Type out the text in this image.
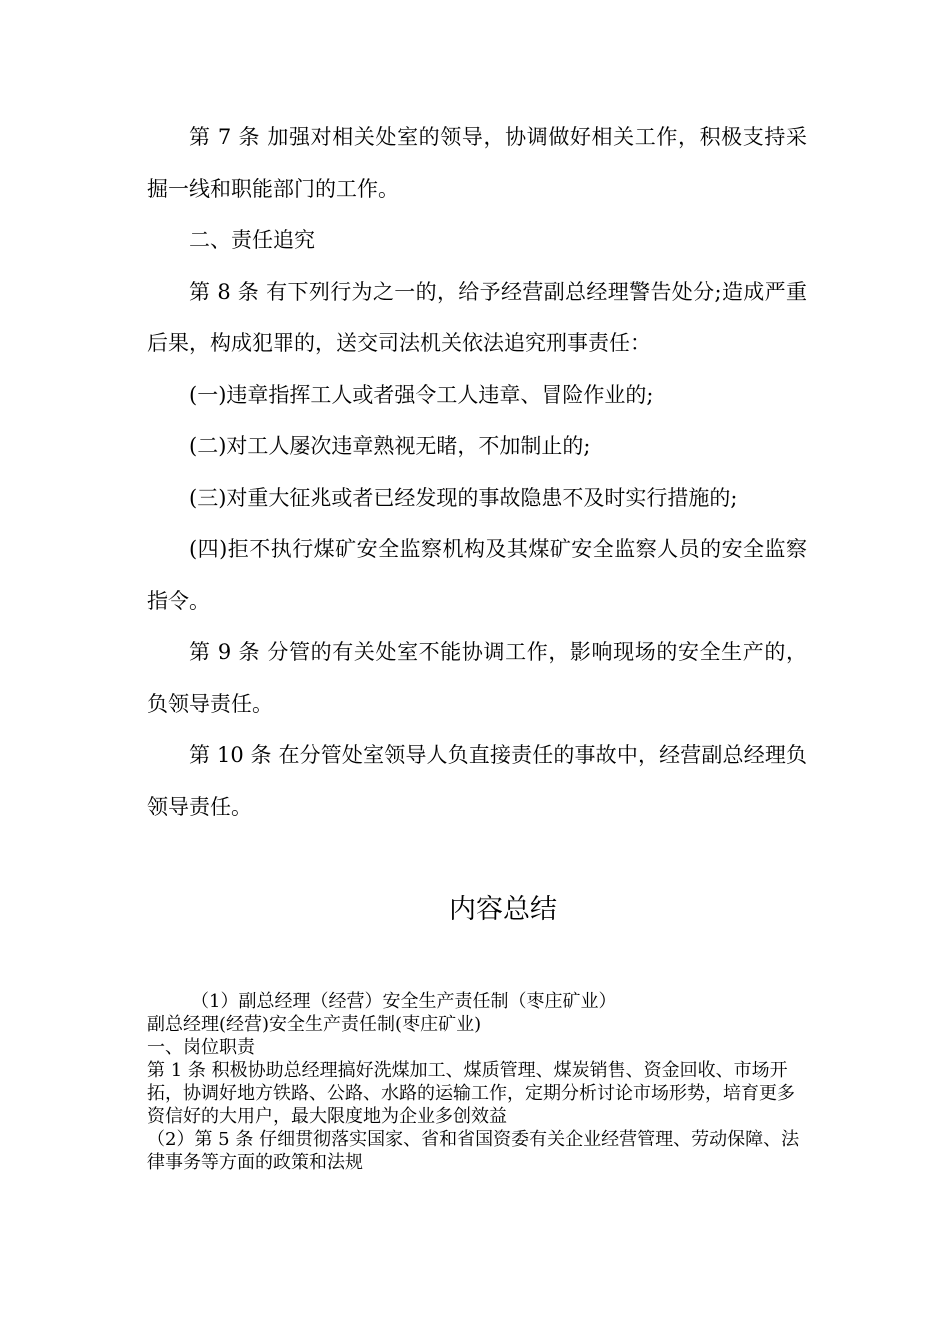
第 7 条 加强对相关处室的领导，协调做好相关工作，积极支持采掘一线和职能部门的工作。

二、责任追究

第 8 条 有下列行为之一的，给予经营副总经理警告处分;造成严重后果，构成犯罪的，送交司法机关依法追究刑事责任：

(一)违章指挥工人或者强令工人违章、冒险作业的;

(二)对工人屡次违章熟视无睹，不加制止的;

(三)对重大征兆或者已经发现的事故隐患不及时实行措施的;

(四)拒不执行煤矿安全监察机构及其煤矿安全监察人员的安全监察指令。

第 9 条 分管的有关处室不能协调工作，影响现场的安全生产的，负领导责任。

第 10 条 在分管处室领导人负直接责任的事故中，经营副总经理负领导责任。

内容总结

（1）副总经理（经营）安全生产责任制（枣庄矿业）

副总经理(经营)安全生产责任制(枣庄矿业)

一、岗位职责

第 1 条 积极协助总经理搞好洗煤加工、煤质管理、煤炭销售、资金回收、市场开拓，协调好地方铁路、公路、水路的运输工作，定期分析讨论市场形势，培育更多资信好的大用户，最大限度地为企业多创效益

（2）第 5 条 仔细贯彻落实国家、省和省国资委有关企业经营管理、劳动保障、法律事务等方面的政策和法规
